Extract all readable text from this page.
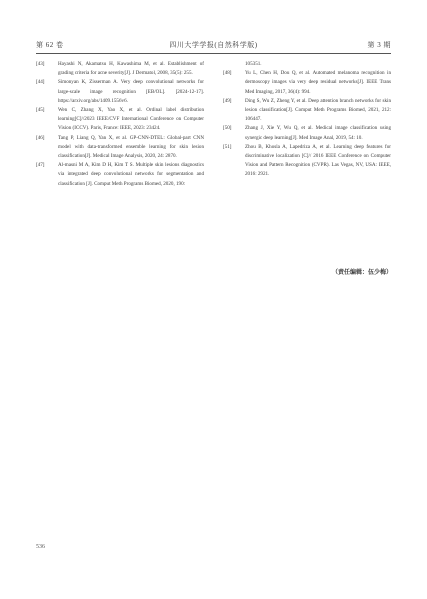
第 62 卷	四川大学学报(自然科学版)	第 3 期
[43]	Hayashi N, Akamatsu H, Kawashima M, et al. Establishment of grading criteria for acne severity[J]. J Dermatol, 2008, 35(5): 255.
[44]	Simonyan K, Zisserman A. Very deep convolutional networks for large-scale image recognition [EB/OL]. [2024-12-17]. https://arxiv.org/abs/1409.1556v6.
[45]	Wen C, Zhang X, Yao X, et al. Ordinal label distribution learning[C]//2023 IEEE/CVF International Conference on Computer Vision (ICCV). Paris, France: IEEE, 2023: 23424.
[46]	Tang P, Liang Q, Yan X, et al. GP-CNN-DTEL: Global-part CNN model with data-transformed ensemble learning for skin lesion classification[J]. Medical Image Analysis, 2020, 24: 2870.
[47]	Al-masni M A, Kim D H, Kim T S. Multiple skin lesions diagnostics via integrated deep convolutional networks for segmentation and classification [J]. Comput Meth Programs Biomed, 2020, 190:
105351.
[48]	Yu L, Chen H, Dou Q, et al. Automated melanoma recognition in dermoscopy images via very deep residual networks[J]. IEEE Trans Med Imaging, 2017, 36(4): 994.
[49]	Ding S, Wu Z, Zheng Y, et al. Deep attention branch networks for skin lesion classification[J]. Comput Meth Programs Biomed, 2021, 212: 106447.
[50]	Zhang J, Xie Y, Wu Q, et al. Medical image classification using synergic deep learning[J]. Med Image Anal, 2019, 54: 10.
[51]	Zhou B, Khosla A, Lapedriza A, et al. Learning deep features for discriminative localization [C]// 2016 IEEE Conference on Computer Vision and Pattern Recognition (CVPR). Las Vegas, NV, USA: IEEE, 2016: 2921.
（责任编辑：伍少梅）
536
